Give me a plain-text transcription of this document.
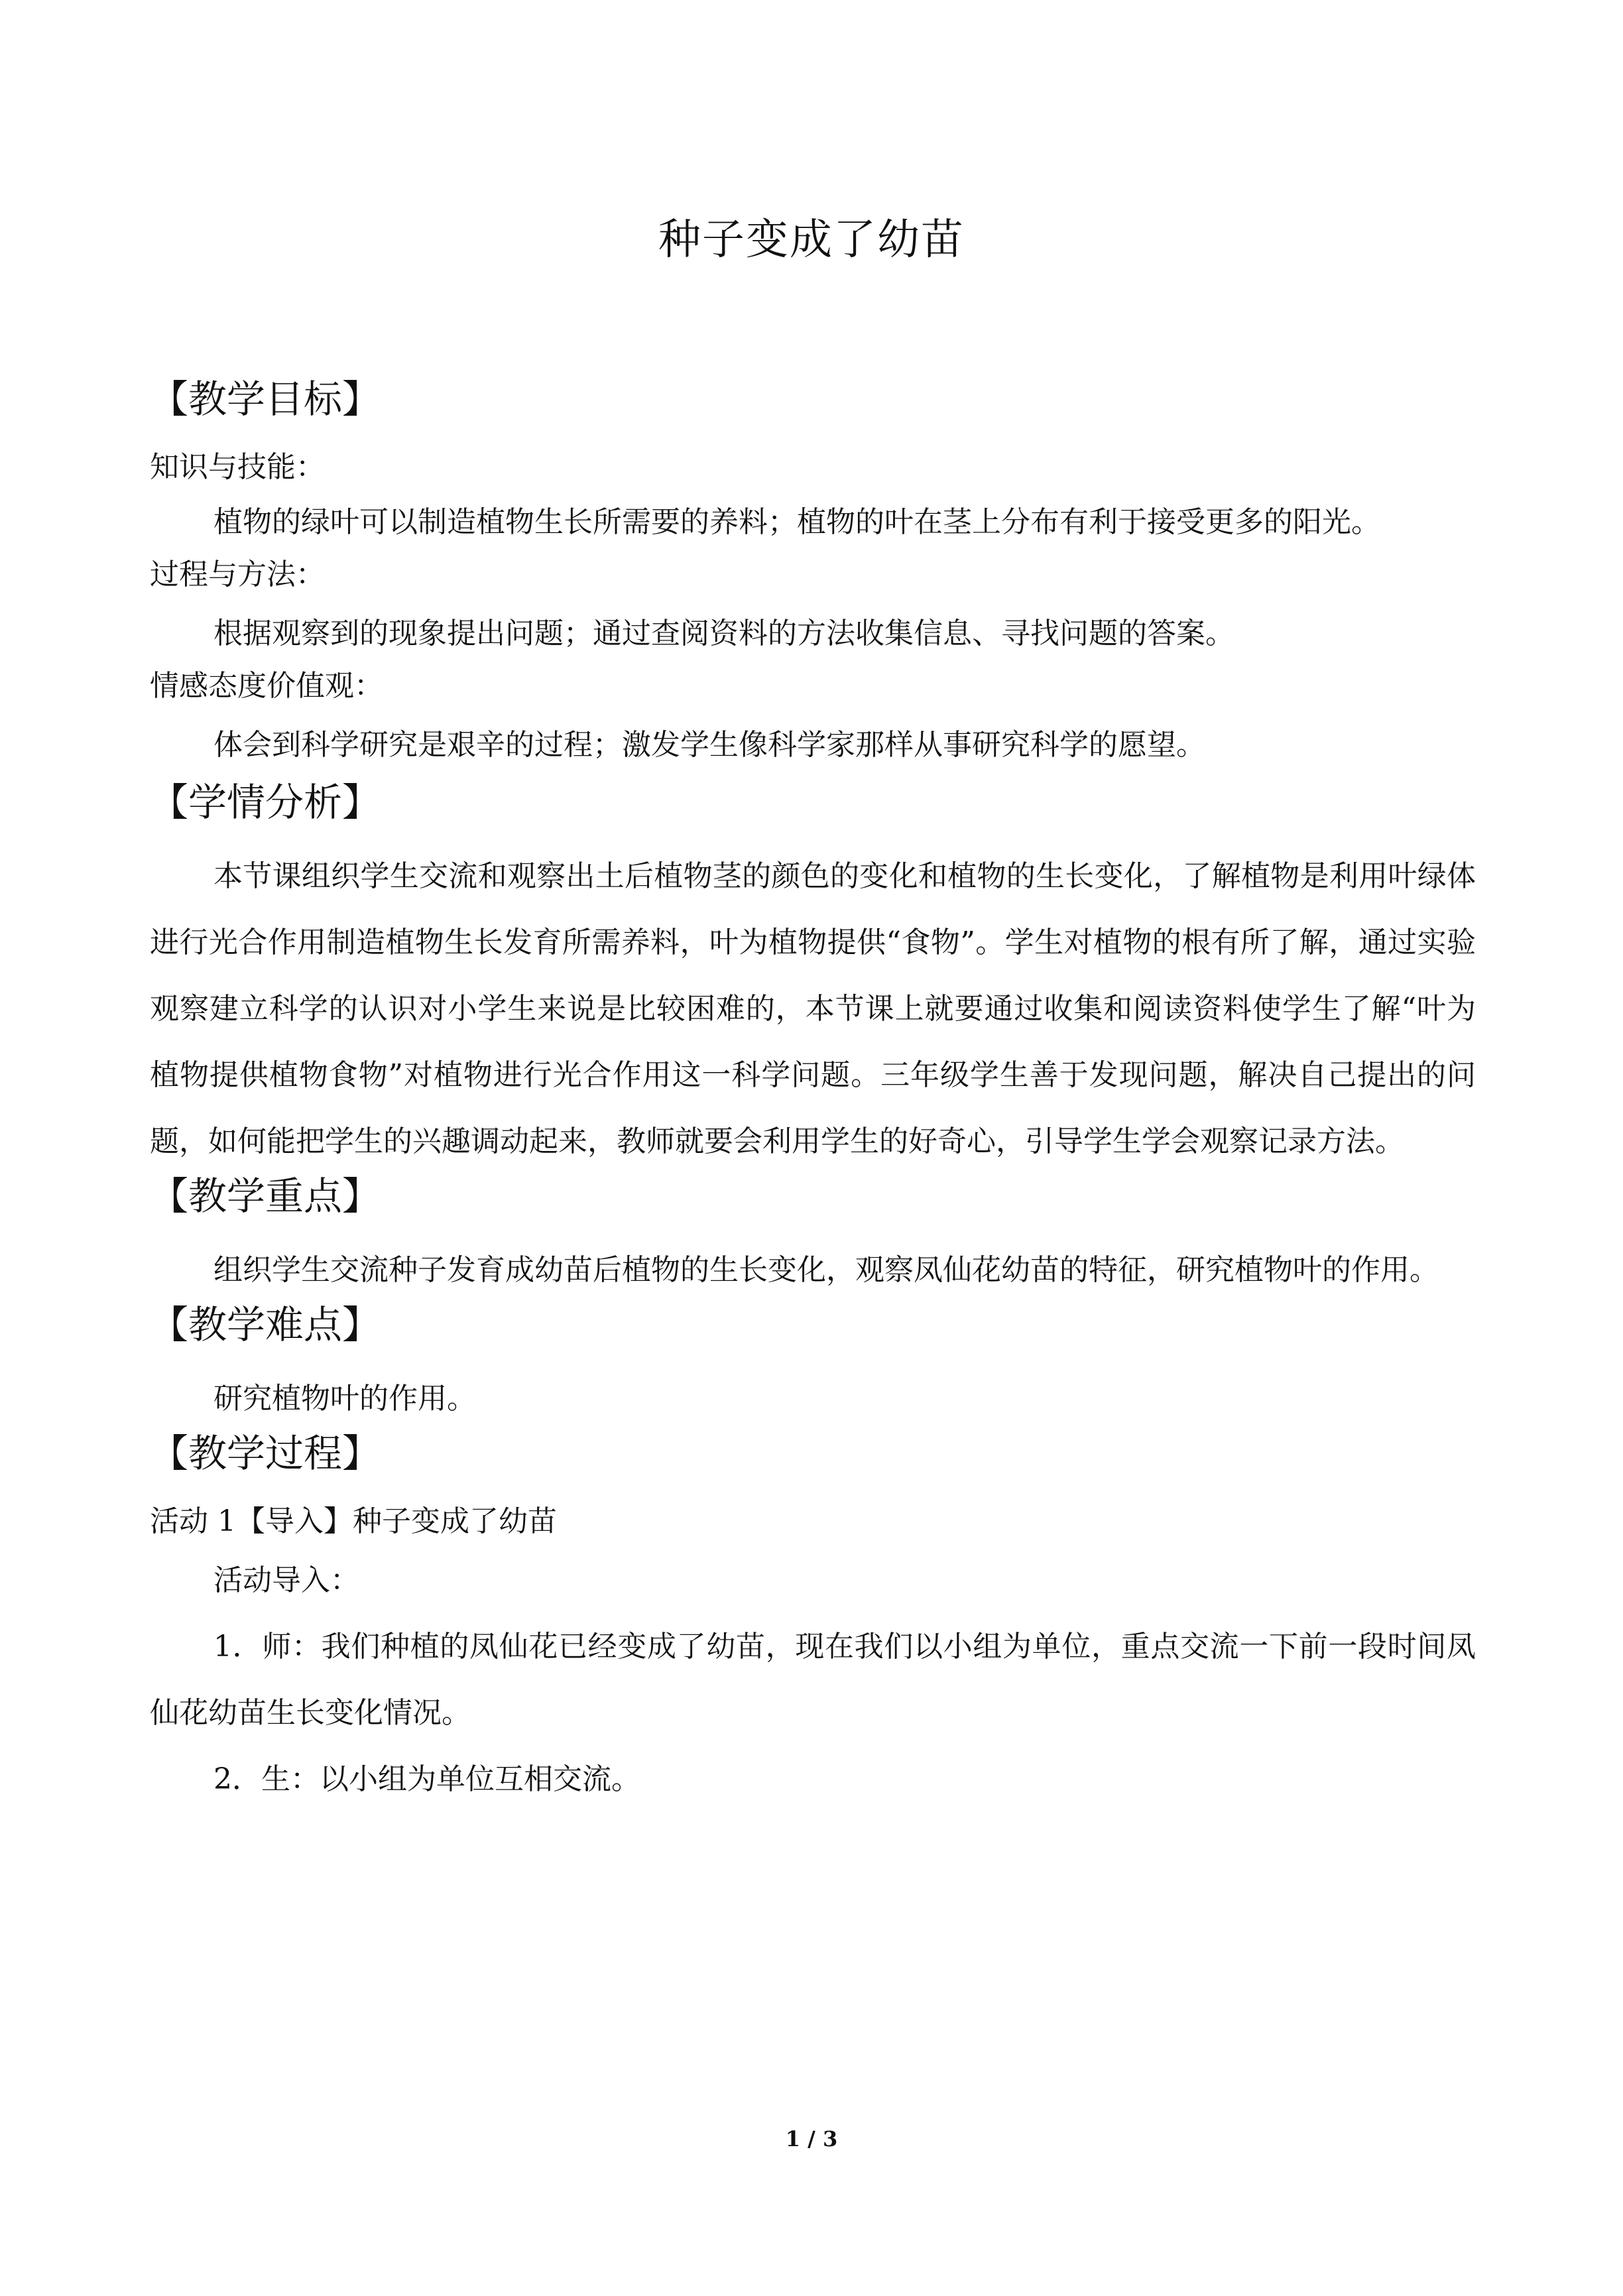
种子变成了幼苗

【教学目标】

知识与技能：

植物的绿叶可以制造植物生长所需要的养料；植物的叶在茎上分布有利于接受更多的阳光。

过程与方法：

根据观察到的现象提出问题；通过查阅资料的方法收集信息、寻找问题的答案。

情感态度价值观：

体会到科学研究是艰辛的过程；激发学生像科学家那样从事研究科学的愿望。

【学情分析】

本节课组织学生交流和观察出土后植物茎的颜色的变化和植物的生长变化，了解植物是利用叶绿体进行光合作用制造植物生长发育所需养料，叶为植物提供“食物”。学生对植物的根有所了解，通过实验观察建立科学的认识对小学生来说是比较困难的，本节课上就要通过收集和阅读资料使学生了解“叶为植物提供植物食物”对植物进行光合作用这一科学问题。三年级学生善于发现问题，解决自己提出的问题，如何能把学生的兴趣调动起来，教师就要会利用学生的好奇心，引导学生学会观察记录方法。

【教学重点】

组织学生交流种子发育成幼苗后植物的生长变化，观察凤仙花幼苗的特征，研究植物叶的作用。

【教学难点】

研究植物叶的作用。

【教学过程】

活动 1【导入】种子变成了幼苗

活动导入：

1．师：我们种植的凤仙花已经变成了幼苗，现在我们以小组为单位，重点交流一下前一段时间凤仙花幼苗生长变化情况。

2．生：以小组为单位互相交流。

1 / 3
